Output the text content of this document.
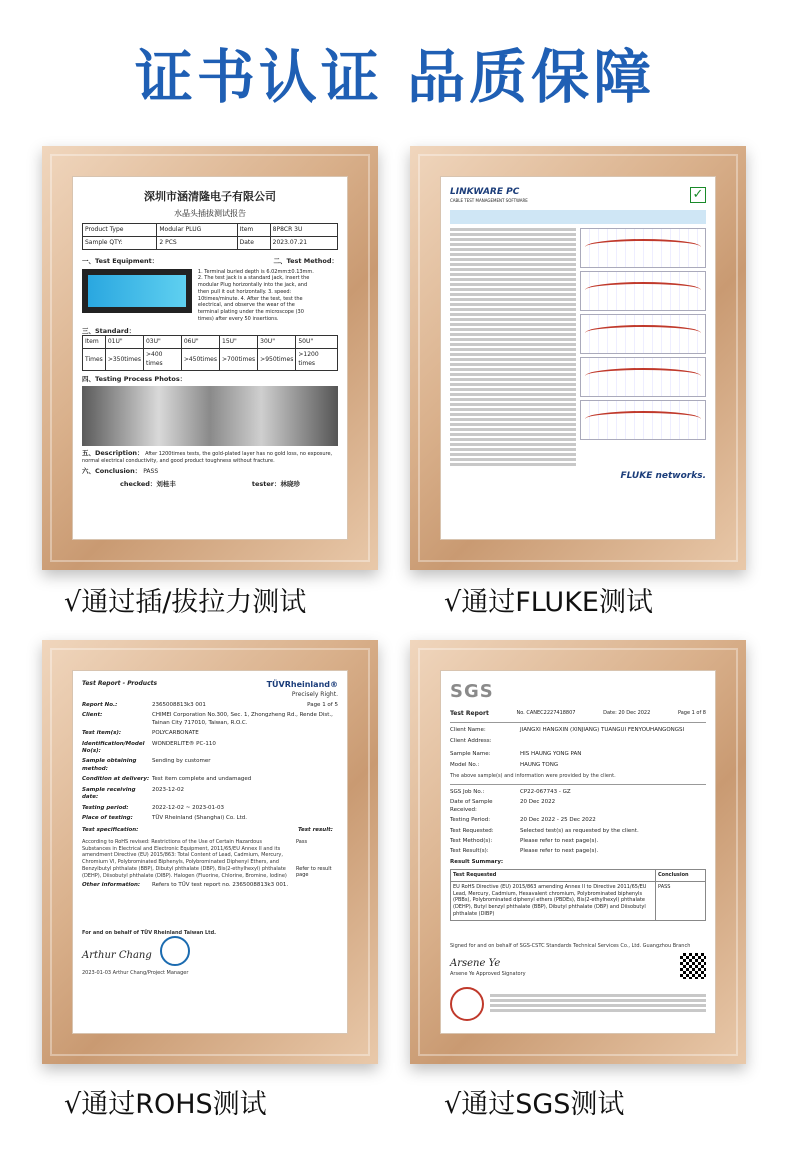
证书认证 品质保障
深圳市涵清隆电子有限公司
水晶头插拔测试报告
Product Type	Modular PLUG	Item	8P8CR 3U
Sample QTY:	2 PCS	Date	2023.07.21
一、Test Equipment：	二、Test Method：
1. Terminal buried depth is 6.02mm±0.13mm. 2. The test jack is a standard jack, insert the modular Plug horizontally into the jack, and then pull it out horizontally. 3. speed: 10times/minute. 4. After the test, test the electrical, and observe the wear of the terminal plating under the microscope (30 times) after every 50 insertions.
三、Standard：
Item	01U"	03U"	06U"	15U"	30U"	50U"
Times	>350times	>400 times	>450times	>700times	>950times	>1200 times
四、Testing Process Photos：
五、Description： After 1200times tests, the gold-plated layer has no gold loss, no exposure, normal electrical conductivity, and good product toughness without fracture.
六、Conclusion： PASS
checked：刘桂丰	tester：林晓珍
√通过插/拔拉力测试
LINKWARE PC
CABLE TEST MANAGEMENT SOFTWARE	✓
FLUKE networks.
√通过FLUKE测试
Test Report - Products	TÜVRheinland®
Precisely Right.
Report No.:	2365008813k3 001	Page 1 of 5
Client:	CHIMEI Corporation No.300, Sec. 1, Zhongzheng Rd., Rende Dist., Tainan City 717010, Taiwan, R.O.C.
Test item(s):	POLYCARBONATE
Identification/Model No(s):
WONDERLITE® PC-110
Sample obtaining method:
Sending by customer
Condition at delivery: Test item complete and undamaged
Sample receiving date:
2023-12-02
Testing period:	2022-12-02 ~ 2023-01-03
Place of testing:	TÜV Rheinland (Shanghai) Co. Ltd.
Test specification:	Test result:
According to RoHS revised: Restrictions of the Use of Certain Hazardous Substances in Electrical and Electronic Equipment, 2011/65/EU Annex II and its amendment Directive (EU) 2015/863: Total Content of Lead, Cadmium, Mercury, Chromium VI, Polybrominated Biphenyls, Polybrominated Diphenyl Ethers, and Benzylbutyl phthalate (BBP), Dibutyl phthalate (DBP), Bis(2-ethylhexyl) phthalate (DEHP), Diisobutyl phthalate (DIBP). Halogen (Fluorine, Chlorine, Bromine, Iodine)
Pass
Refer to result page
Other information:	Refers to TÜV test report no. 2365008813k3 001.
For and on behalf of TÜV Rheinland Taiwan Ltd.
Arthur Chang
2023-01-03 Arthur Chang/Project Manager
√通过ROHS测试
SGS
Test Report	No. CANEC2227418807	Date: 20 Dec 2022	Page 1 of 8
Client Name:	JIANGXI HANGXIN (XINJIANG) TUANGUI FENYOUHANGONGSI
Client Address:
Sample Name:	HIS HAUNG YONG PAN
Model No.:	HAUNG TONG
The above sample(s) and information were provided by the client.
SGS Job No.:	CP22-067743 - GZ
Date of Sample Received:
20 Dec 2022
Testing Period:	20 Dec 2022 - 25 Dec 2022
Test Requested:	Selected test(s) as requested by the client.
Test Method(s):	Please refer to next page(s).
Test Result(s):	Please refer to next page(s).
Result Summary:
Test Requested	Conclusion
EU RoHS Directive (EU) 2015/863 amending Annex II to Directive 2011/65/EU Lead, Mercury, Cadmium, Hexavalent chromium, Polybrominated biphenyls (PBBs), Polybrominated diphenyl ethers (PBDEs), Bis(2-ethylhexyl) phthalate (DEHP), Butyl benzyl phthalate (BBP), Dibutyl phthalate (DBP) and Diisobutyl phthalate (DIBP)	PASS
Signed for and on behalf of SGS-CSTC Standards Technical Services Co., Ltd. Guangzhou Branch
Arsene Ye
Arsene Ye Approved Signatory
√通过SGS测试
